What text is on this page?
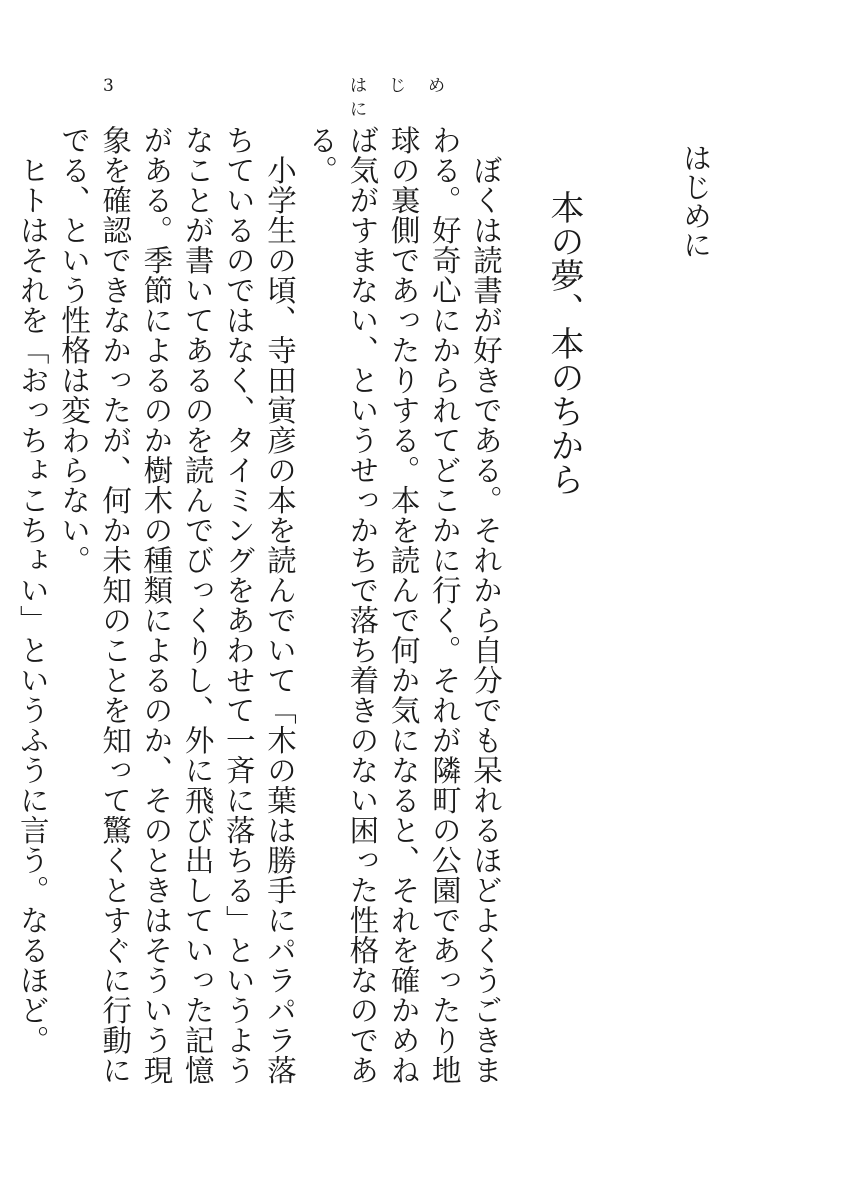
3	はじめに
はじめに
本の夢、本のちから

ぼくは読書が好きである。それから自分でも呆れるほどよくうごきまわる。好奇心にかられてどこかに行く。それが隣町の公園であったり地球の裏側であったりする。本を読んで何か気になると、それを確かめねば気がすまない、というせっかちで落ち着きのない困った性格なのである。

小学生の頃、寺田寅彦の本を読んでいて「木の葉は勝手にパラパラ落ちているのではなく、タイミングをあわせて一斉に落ちる」というようなことが書いてあるのを読んでびっくりし、外に飛び出していった記憶がある。季節によるのか樹木の種類によるのか、そのときはそういう現象を確認できなかったが、何か未知のことを知って驚くとすぐに行動にでる、という性格は変わらない。

ヒトはそれを「おっちょこちょい」というふうに言う。なるほど。
